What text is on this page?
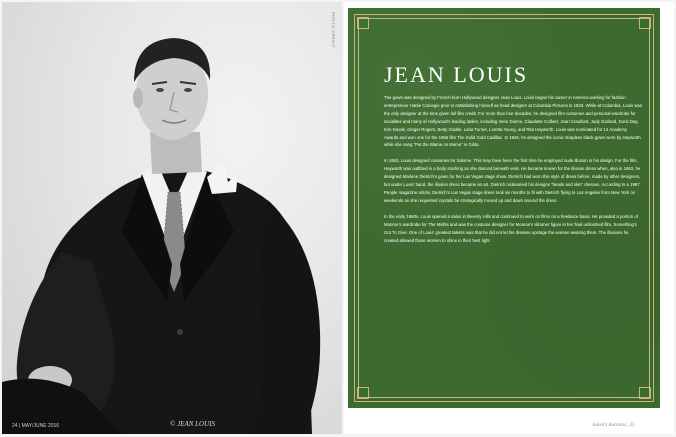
PHOTO CREDIT
© JEAN LOUIS
24 | MAY/JUNE 2016
JEAN LOUIS

The gown was designed by French-born Hollywood designer Jean Louis. Louis began his career in America working for fashion entrepreneur Hattie Carnegie prior to establishing himself as head designer at Columbia Pictures in 1943. While at Columbia, Louis was the only designer at the time given full film credit. For more than four decades, he designed film costumes and personal wardrobe for socialites and many of Hollywood's leading ladies, including Irene Dunne, Claudette Colbert, Joan Crawford, Judy Garland, Doris Day, Kim Novak, Ginger Rogers, Betty Grable, Lana Turner, Loretta Young, and Rita Hayworth. Louis was nominated for 14 Academy Awards and won one for the 1956 film The Solid Gold Cadillac. In 1946, he designed the iconic strapless black gown worn by Hayworth while she sang "Put the Blame on Mame" in Gilda.

In 1953, Louis designed costumes for Salome. This may have been the first time he employed nude illusion in his design. For the film, Hayworth was outfitted in a body stocking as she danced beneath veils. He became known for the illusion dress when, also in 1953, he designed Marlene Dietrich's gown for her Las Vegas stage show. Dietrich had worn this style of dress before, made by other designers, but under Louis' hand, the illusion dress became an art. Dietrich nicknamed his designs "beads and skin" dresses. According to a 1987 People magazine article, Dietrich's Las Vegas stage dress took six months to fit with Dietrich flying to Los Angeles from New York on weekends as she requested crystals be strategically moved up and down around the dress.

In the early 1960s, Louis opened a salon in Beverly Hills and continued to work on films on a freelance basis. He provided a portion of Monroe's wardrobe for The Misfits and was the costume designer for Monroe's slimmer figure in her final unfinished film, Something's Got To Give. One of Louis' greatest talents was that he did not let his dresses upstage the women wearing them. The illusions he created allowed those women to shine in their best light.

Julien's Auctions | 25
